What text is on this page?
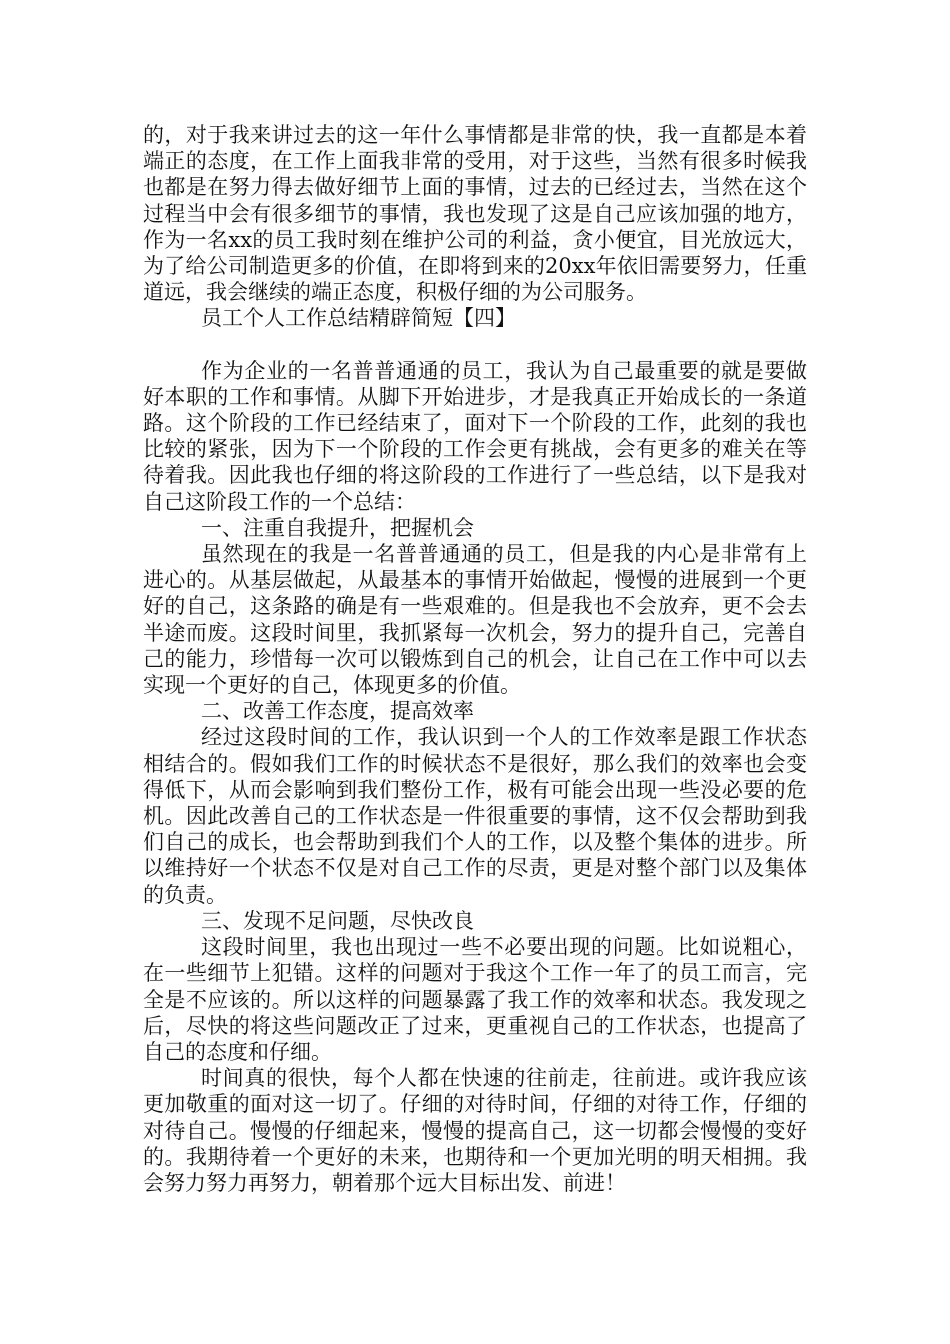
的，对于我来讲过去的这一年什么事情都是非常的快，我一直都是本着端正的态度，在工作上面我非常的受用，对于这些，当然有很多时候我也都是在努力得去做好细节上面的事情，过去的已经过去，当然在这个过程当中会有很多细节的事情，我也发现了这是自己应该加强的地方，作为一名xx的员工我时刻在维护公司的利益，贪小便宜，目光放远大，为了给公司制造更多的价值，在即将到来的20xx年依旧需要努力，任重道远，我会继续的端正态度，积极仔细的为公司服务。

员工个人工作总结精辟简短【四】

作为企业的一名普普通通的员工，我认为自己最重要的就是要做好本职的工作和事情。从脚下开始进步，才是我真正开始成长的一条道路。这个阶段的工作已经结束了，面对下一个阶段的工作，此刻的我也比较的紧张，因为下一个阶段的工作会更有挑战，会有更多的难关在等待着我。因此我也仔细的将这阶段的工作进行了一些总结，以下是我对自己这阶段工作的一个总结：

一、注重自我提升，把握机会

虽然现在的我是一名普普通通的员工，但是我的内心是非常有上进心的。从基层做起，从最基本的事情开始做起，慢慢的进展到一个更好的自己，这条路的确是有一些艰难的。但是我也不会放弃，更不会去半途而废。这段时间里，我抓紧每一次机会，努力的提升自己，完善自己的能力，珍惜每一次可以锻炼到自己的机会，让自己在工作中可以去实现一个更好的自己，体现更多的价值。

二、改善工作态度，提高效率

经过这段时间的工作，我认识到一个人的工作效率是跟工作状态相结合的。假如我们工作的时候状态不是很好，那么我们的效率也会变得低下，从而会影响到我们整份工作，极有可能会出现一些没必要的危机。因此改善自己的工作状态是一件很重要的事情，这不仅会帮助到我们自己的成长，也会帮助到我们个人的工作，以及整个集体的进步。所以维持好一个状态不仅是对自己工作的尽责，更是对整个部门以及集体的负责。

三、发现不足问题，尽快改良

这段时间里，我也出现过一些不必要出现的问题。比如说粗心，在一些细节上犯错。这样的问题对于我这个工作一年了的员工而言，完全是不应该的。所以这样的问题暴露了我工作的效率和状态。我发现之后，尽快的将这些问题改正了过来，更重视自己的工作状态，也提高了自己的态度和仔细。

时间真的很快，每个人都在快速的往前走，往前进。或许我应该更加敬重的面对这一切了。仔细的对待时间，仔细的对待工作，仔细的对待自己。慢慢的仔细起来，慢慢的提高自己，这一切都会慢慢的变好的。我期待着一个更好的未来，也期待和一个更加光明的明天相拥。我会努力努力再努力，朝着那个远大目标出发、前进！
